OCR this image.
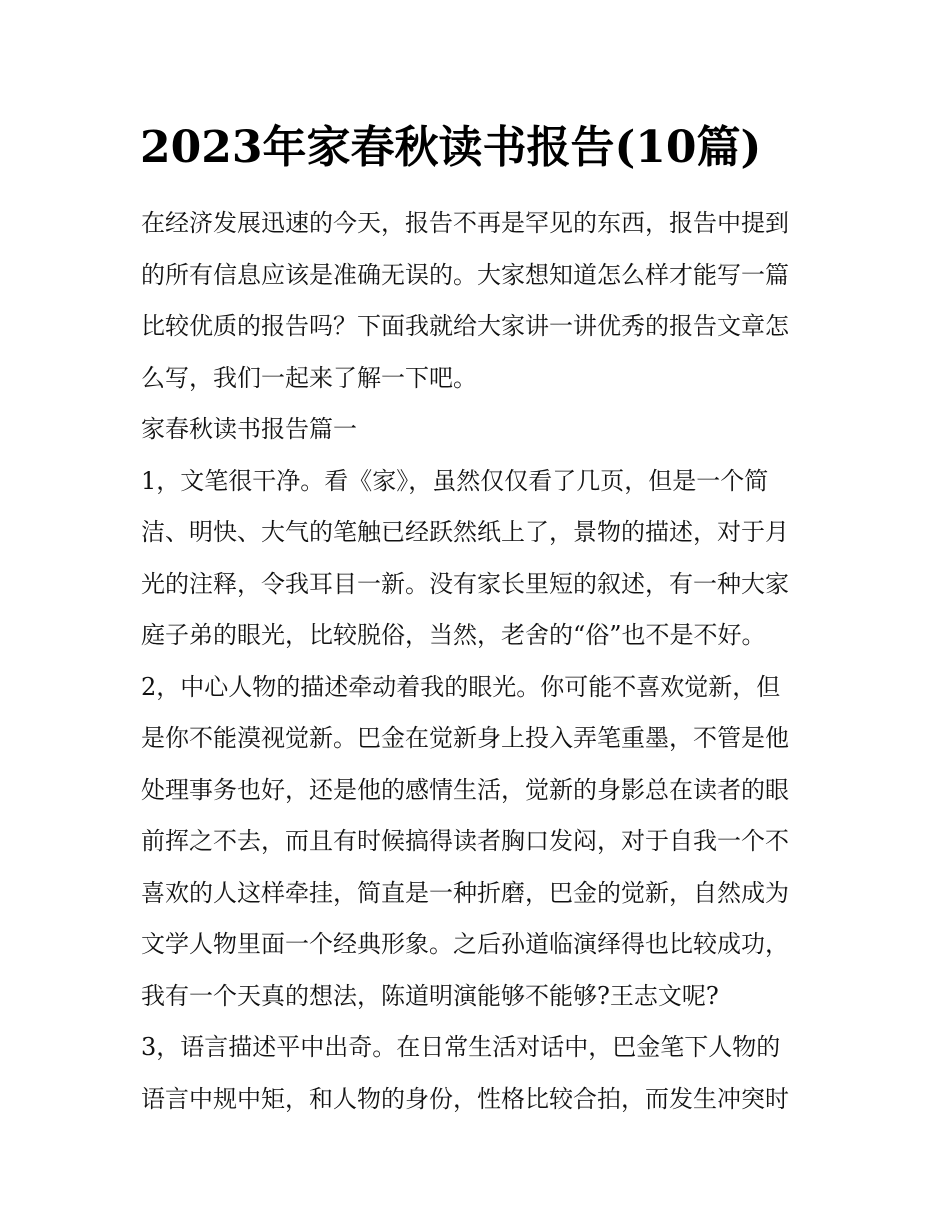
2023年家春秋读书报告(10篇)
在经济发展迅速的今天，报告不再是罕见的东西，报告中提到
的所有信息应该是准确无误的。大家想知道怎么样才能写一篇
比较优质的报告吗？下面我就给大家讲一讲优秀的报告文章怎
么写，我们一起来了解一下吧。
家春秋读书报告篇一
1，文笔很干净。看《家》，虽然仅仅看了几页，但是一个简
洁、明快、大气的笔触已经跃然纸上了，景物的描述，对于月
光的注释，令我耳目一新。没有家长里短的叙述，有一种大家
庭子弟的眼光，比较脱俗，当然，老舍的“俗”也不是不好。
2，中心人物的描述牵动着我的眼光。你可能不喜欢觉新，但
是你不能漠视觉新。巴金在觉新身上投入弄笔重墨，不管是他
处理事务也好，还是他的感情生活，觉新的身影总在读者的眼
前挥之不去，而且有时候搞得读者胸口发闷，对于自我一个不
喜欢的人这样牵挂，简直是一种折磨，巴金的觉新，自然成为
文学人物里面一个经典形象。之后孙道临演绎得也比较成功，
我有一个天真的想法，陈道明演能够不能够?王志文呢?
3，语言描述平中出奇。在日常生活对话中，巴金笔下人物的
语言中规中矩，和人物的身份，性格比较合拍，而发生冲突时
